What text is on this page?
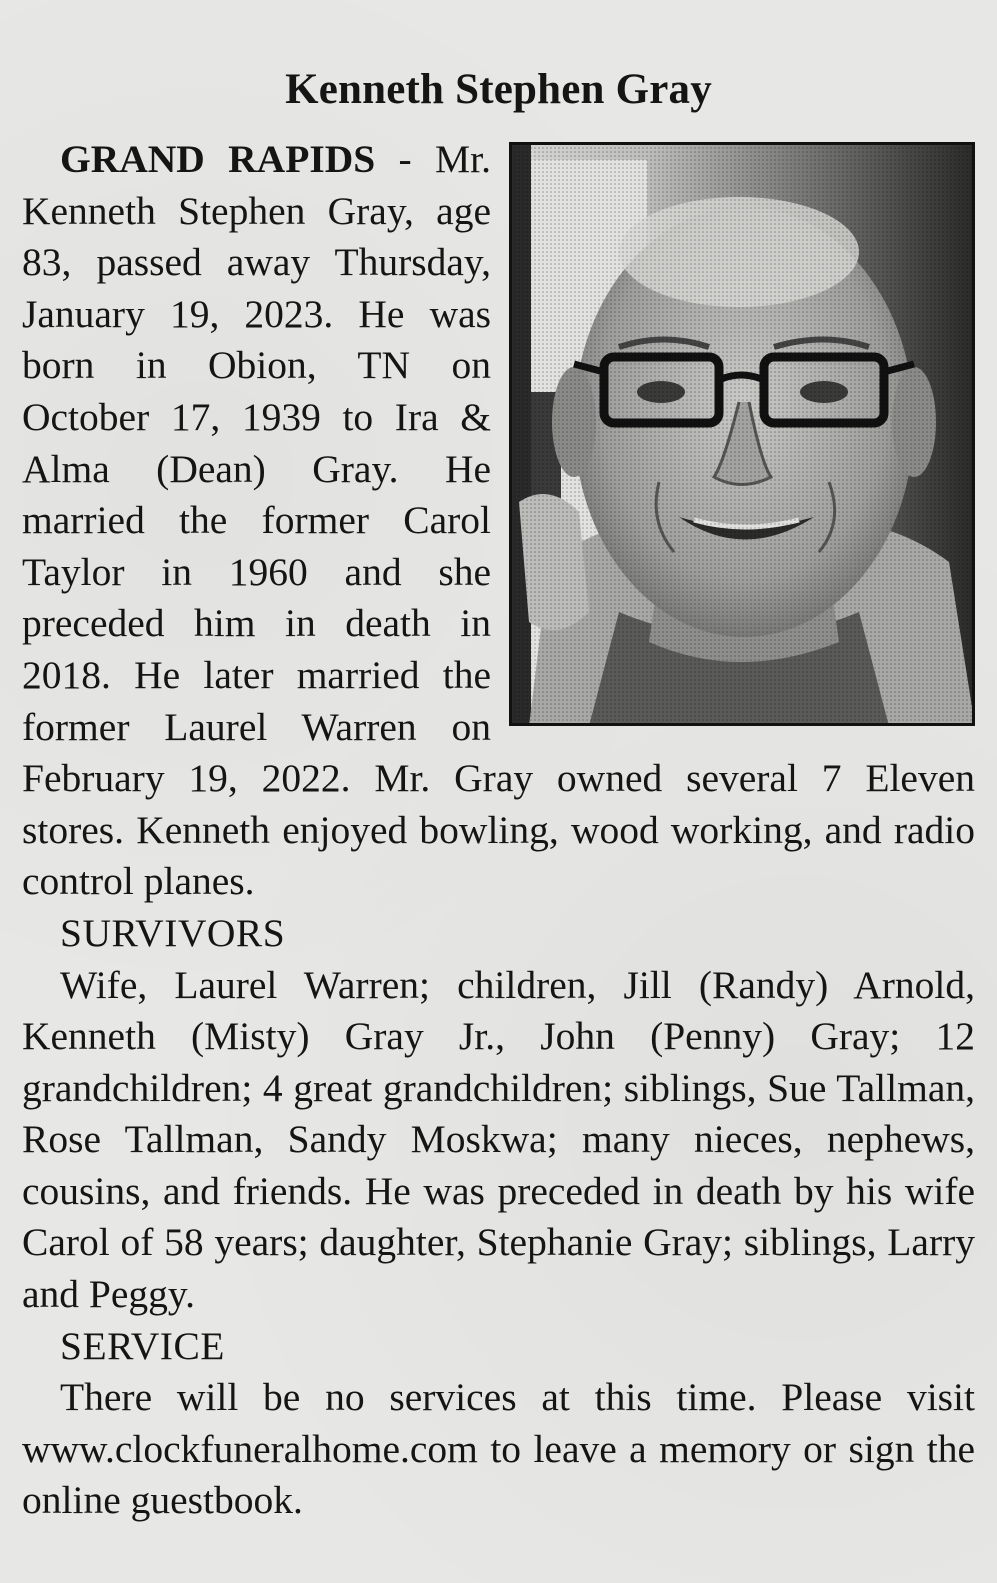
Kenneth Stephen Gray

GRAND RAPIDS - Mr. Kenneth Stephen Gray, age 83, passed away Thursday, January 19, 2023. He was born in Obion, TN on October 17, 1939 to Ira & Alma (Dean) Gray. He married the former Carol Taylor in 1960 and she preceded him in death in 2018. He later married the former Laurel Warren on February 19, 2022. Mr. Gray owned several 7 Eleven stores. Kenneth enjoyed bowling, wood working, and radio control planes.

SURVIVORS

Wife, Laurel Warren; children, Jill (Randy) Arnold, Kenneth (Misty) Gray Jr., John (Penny) Gray; 12 grandchildren; 4 great grandchildren; siblings, Sue Tallman, Rose Tallman, Sandy Moskwa; many nieces, nephews, cousins, and friends. He was preceded in death by his wife Carol of 58 years; daughter, Stephanie Gray; siblings, Larry and Peggy.

SERVICE

There will be no services at this time. Please visit www.clockfuneralhome.com to leave a memory or sign the online guestbook.
